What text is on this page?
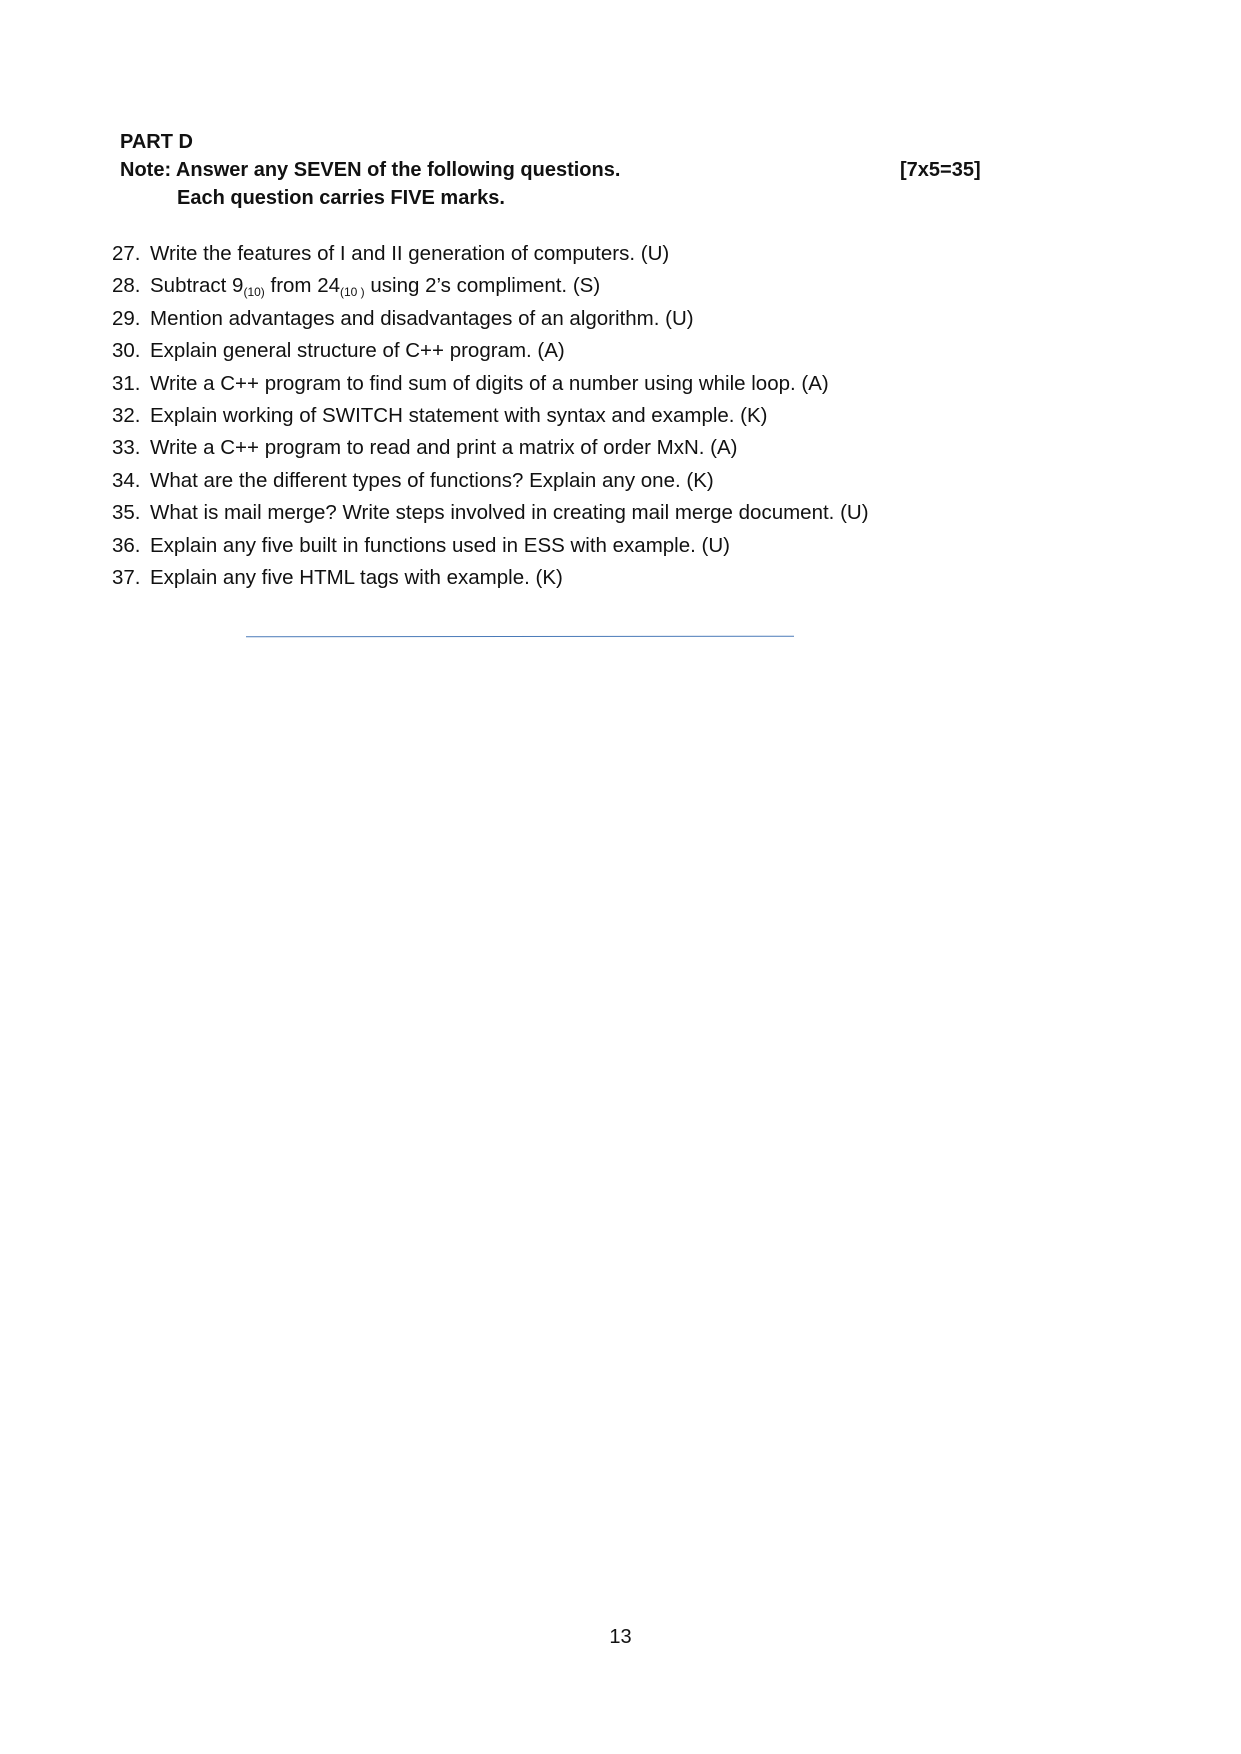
PART D
Note: Answer any SEVEN of the following questions.	[7x5=35]
Each question carries FIVE marks.
27. Write the features of I and II generation of computers. (U)
28. Subtract $9_{(10)}$ from $24_{(10 )}$ using 2’s compliment. (S)
29. Mention advantages and disadvantages of an algorithm. (U)
30. Explain general structure of C++ program. (A)
31. Write a C++ program to find sum of digits of a number using while loop. (A)
32. Explain working of SWITCH statement with syntax and example. (K)
33. Write a C++ program to read and print a matrix of order MxN. (A)
34. What are the different types of functions? Explain any one. (K)
35. What is mail merge? Write steps involved in creating mail merge document. (U)
36. Explain any five built in functions used in ESS with example. (U)
37. Explain any five HTML tags with example. (K)
13
